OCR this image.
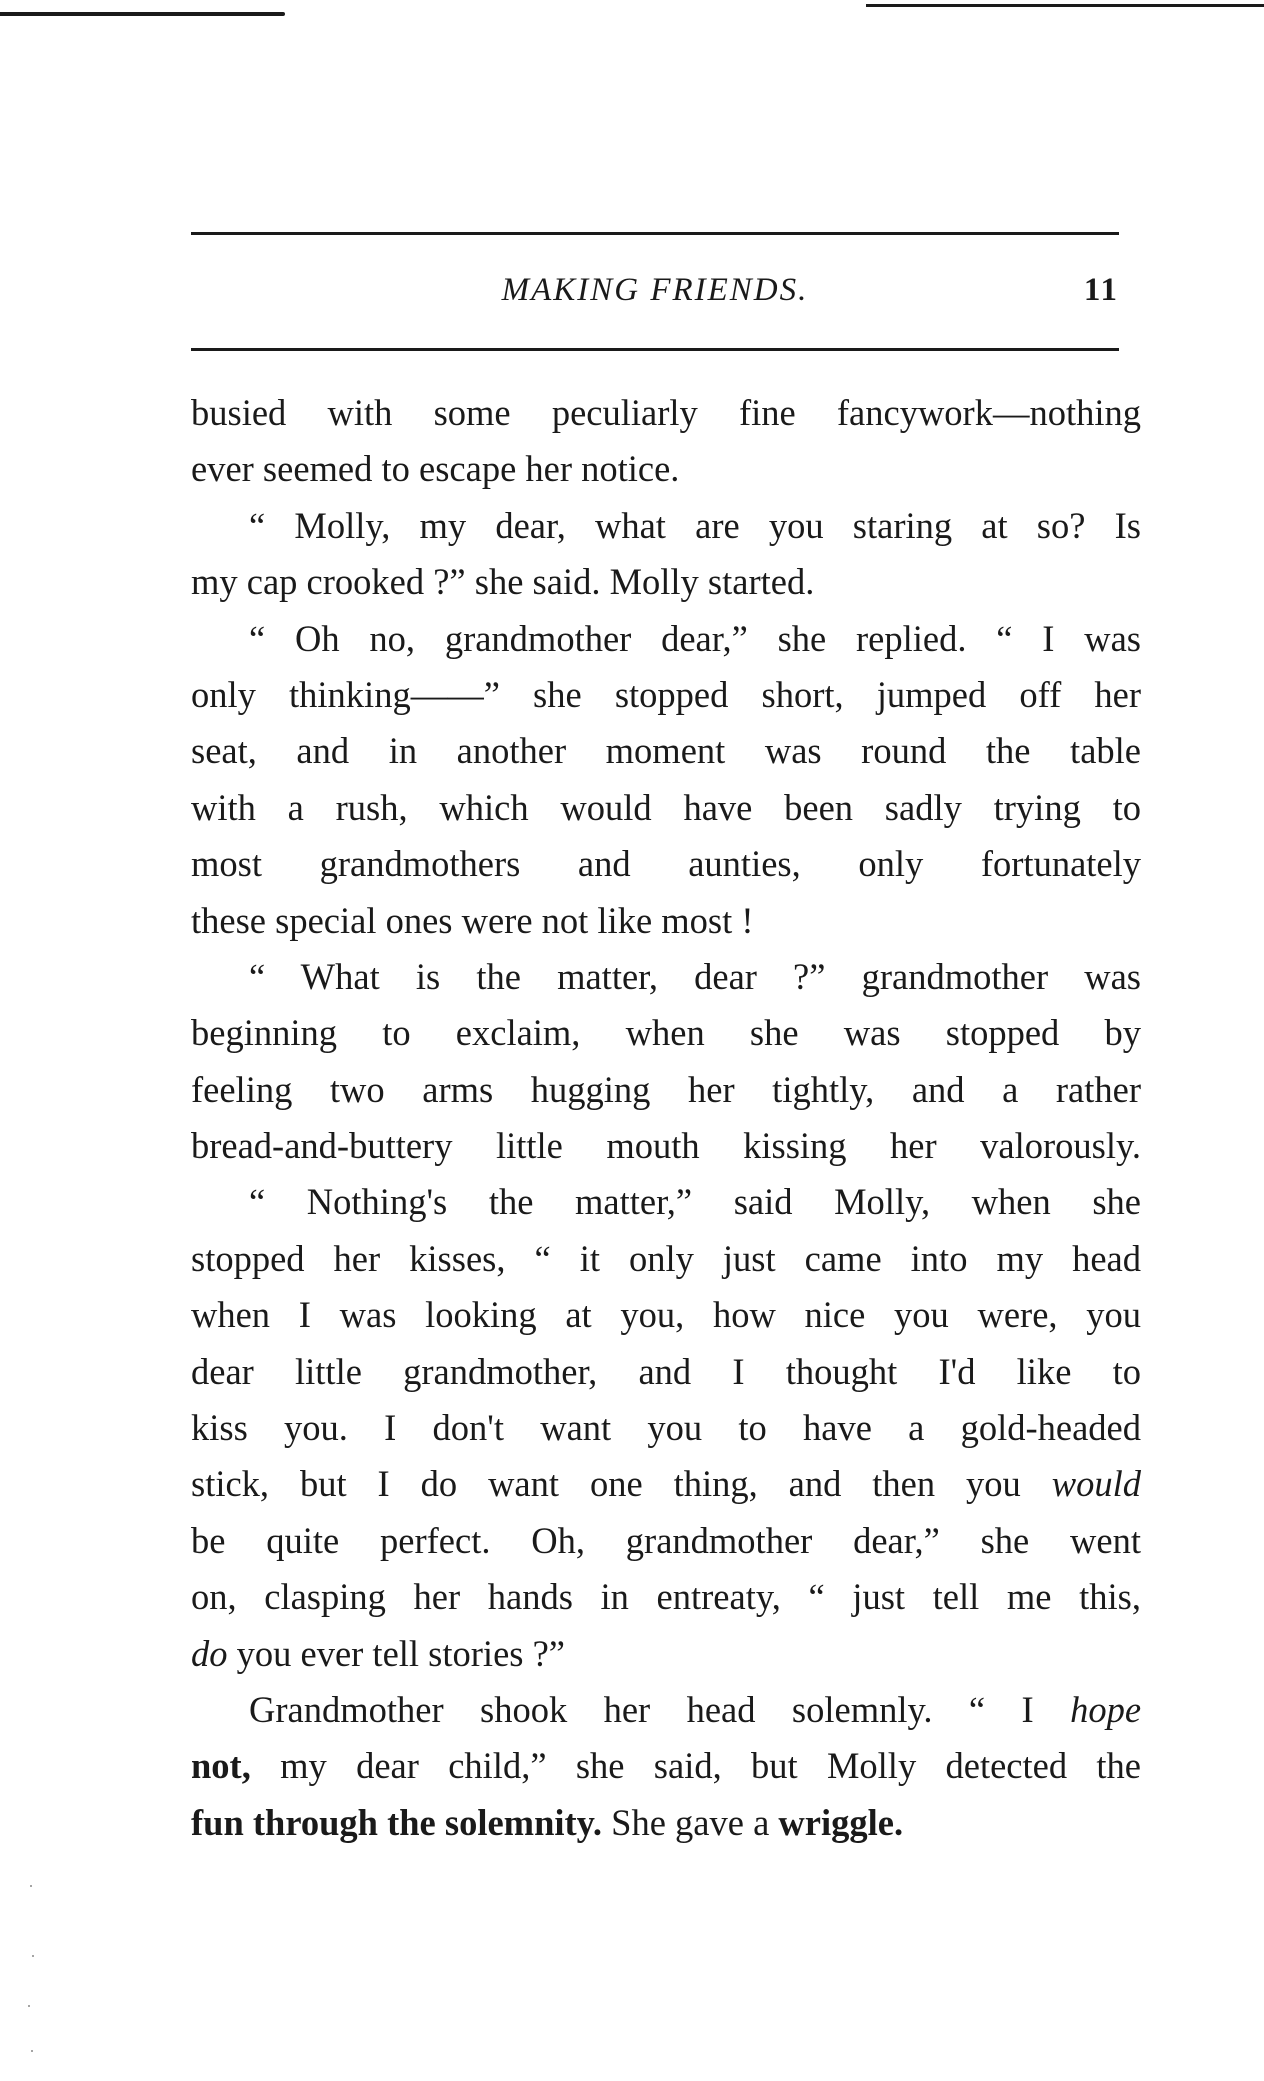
MAKING FRIENDS.	11
busied with some peculiarly fine fancywork—nothing
ever seemed to escape her notice.
“ Molly, my dear, what are you staring at so? Is
my cap crooked ?” she said. Molly started.
“ Oh no, grandmother dear,” she replied. “ I was
only thinking——” she stopped short, jumped off her
seat, and in another moment was round the table
with a rush, which would have been sadly trying to
most grandmothers and aunties, only fortunately
these special ones were not like most !
“ What is the matter, dear ?” grandmother was
beginning to exclaim, when she was stopped by
feeling two arms hugging her tightly, and a rather
bread-and-buttery little mouth kissing her valorously.
“ Nothing's the matter,” said Molly, when she
stopped her kisses, “ it only just came into my head
when I was looking at you, how nice you were, you
dear little grandmother, and I thought I'd like to
kiss you. I don't want you to have a gold-headed
stick, but I do want one thing, and then you would
be quite perfect. Oh, grandmother dear,” she went
on, clasping her hands in entreaty, “ just tell me this,
do you ever tell stories ?”
Grandmother shook her head solemnly. “ I hope
not, my dear child,” she said, but Molly detected the
fun through the solemnity. She gave a wriggle.
